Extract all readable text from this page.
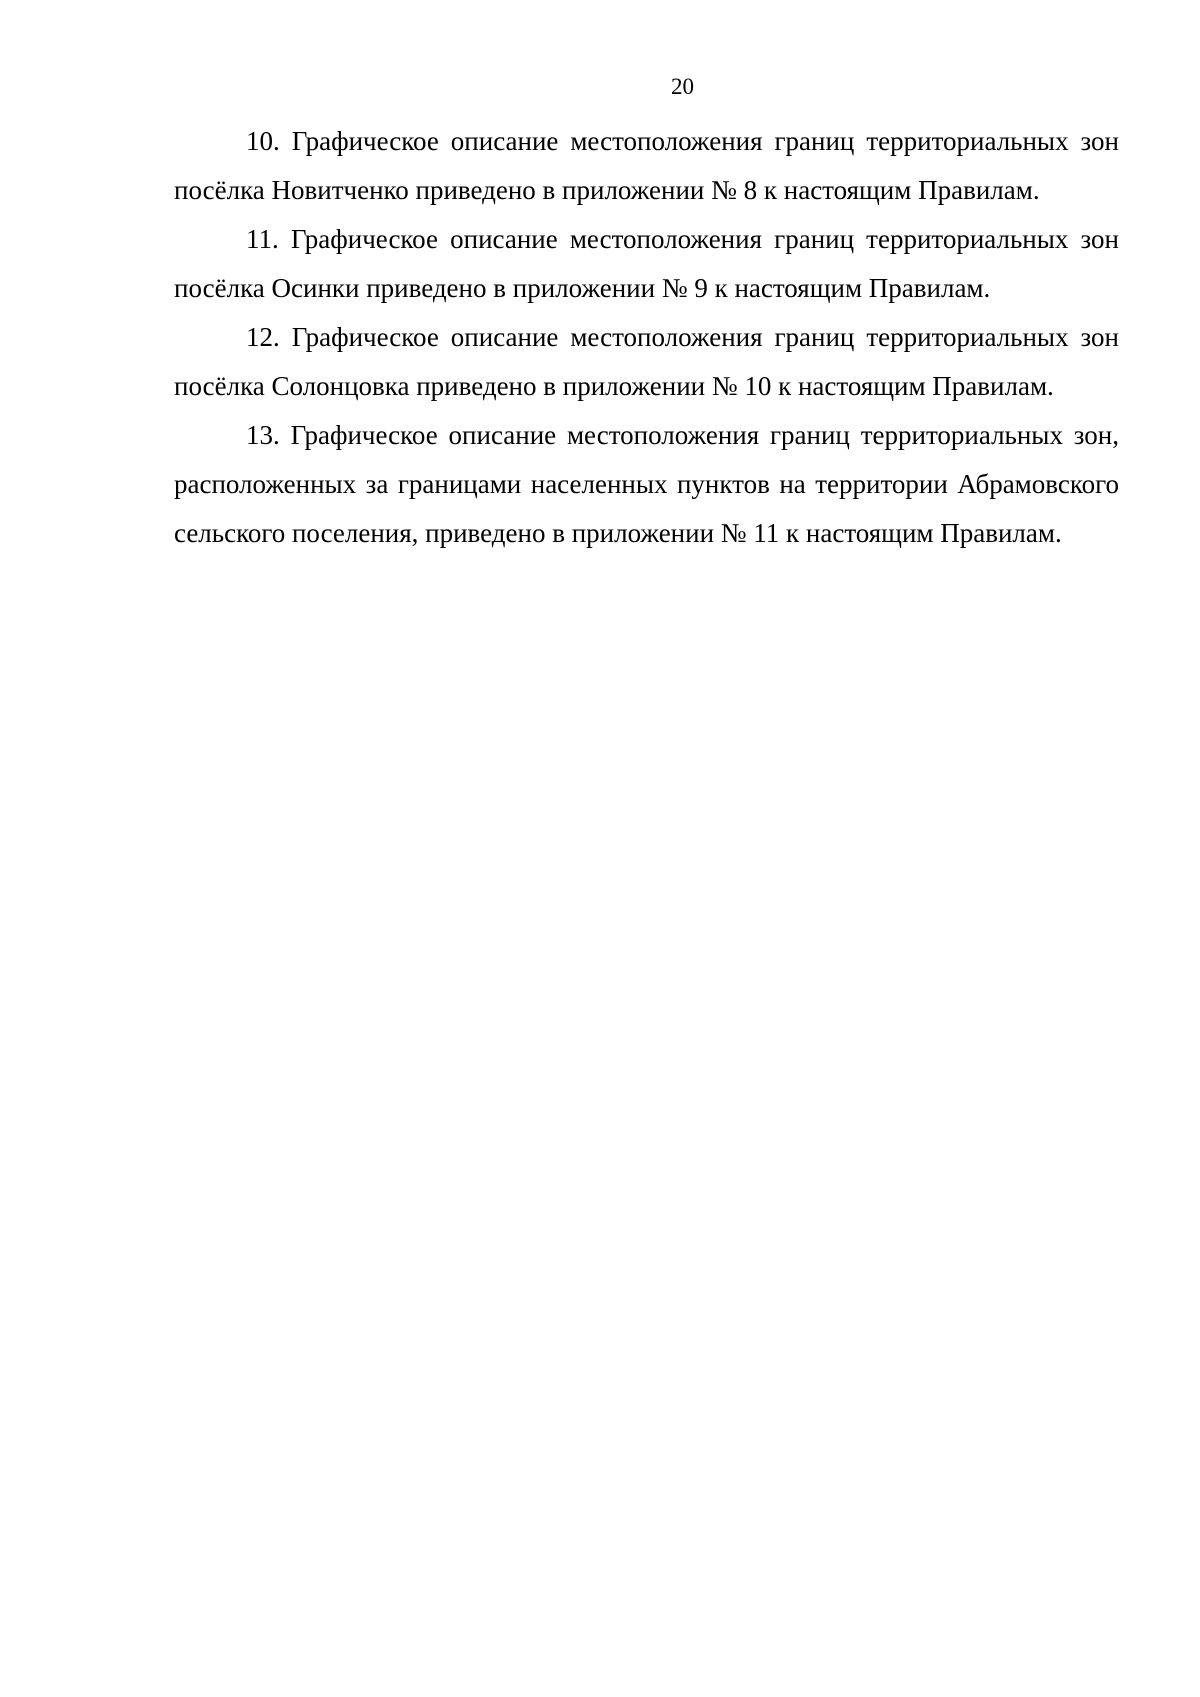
20

10. Графическое описание местоположения границ территориальных зон посёлка Новитченко приведено в приложении № 8 к настоящим Правилам.

11. Графическое описание местоположения границ территориальных зон посёлка Осинки приведено в приложении № 9 к настоящим Правилам.

12. Графическое описание местоположения границ территориальных зон посёлка Солонцовка приведено в приложении № 10 к настоящим Правилам.

13. Графическое описание местоположения границ территориальных зон, расположенных за границами населенных пунктов на территории Абрамовского сельского поселения, приведено в приложении № 11 к настоящим Правилам.
